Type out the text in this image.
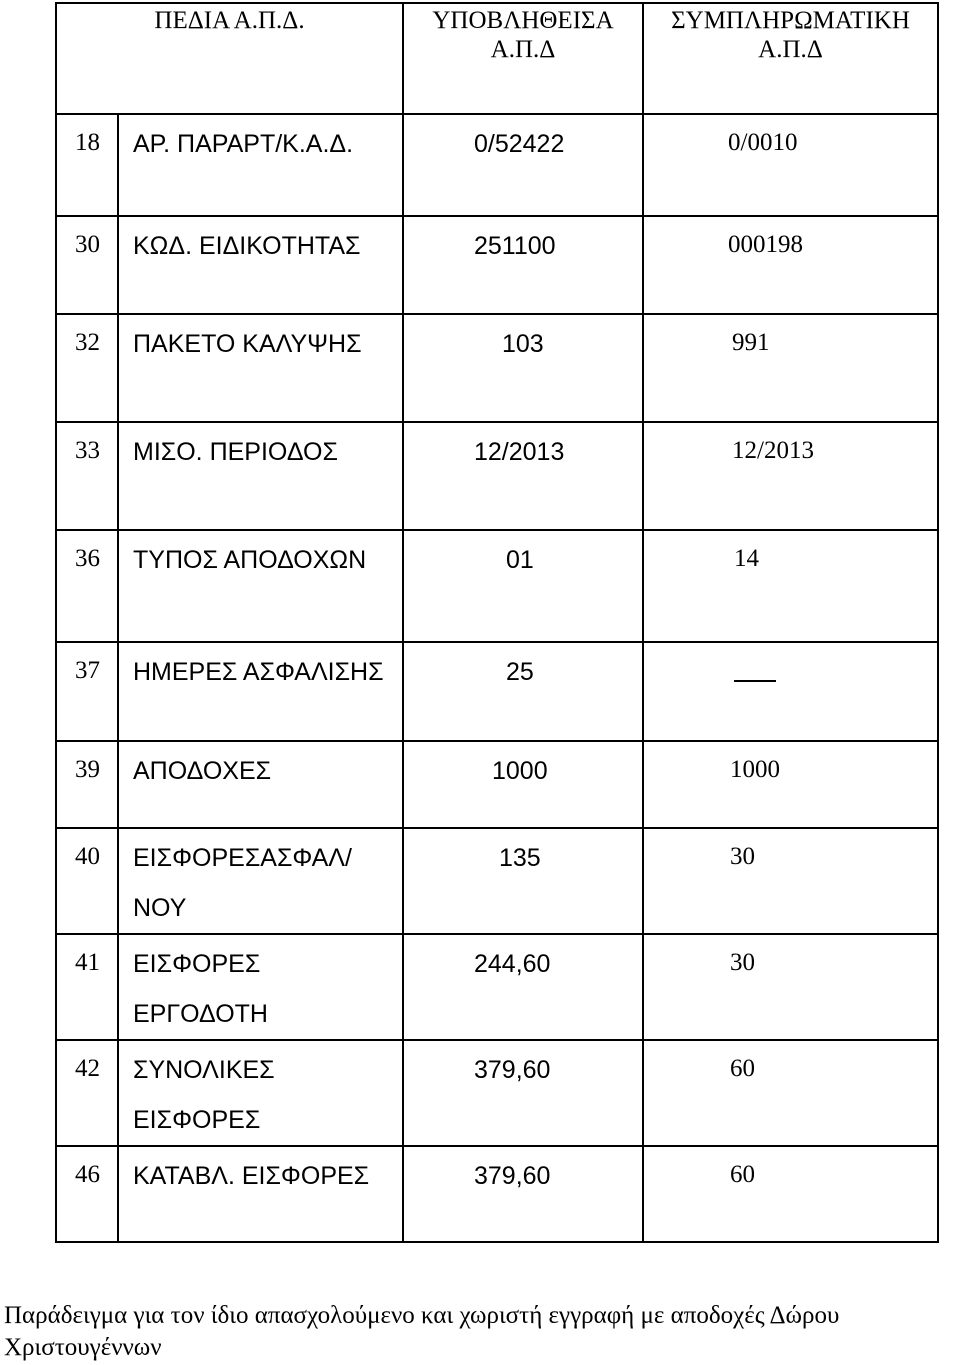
ΠΕΔΙΑ Α.Π.Δ.		ΥΠΟΒΛΗΘΕΙΣΑ Α.Π.Δ	ΣΥΜΠΛΗΡΩΜΑΤΙΚΗ Α.Π.Δ
18	ΑΡ. ΠΑΡΑΡΤ/Κ.Α.Δ.	0/52422	0/0010
30	ΚΩΔ. ΕΙΔΙΚΟΤΗΤΑΣ	251100	000198
32	ΠΑΚΕΤΟ ΚΑΛΥΨΗΣ	103	991
33	ΜΙΣΟ. ΠΕΡΙΟΔΟΣ	12/2013	12/2013
36	ΤΥΠΟΣ ΑΠΟΔΟΧΩΝ	01	14
37	ΗΜΕΡΕΣ ΑΣΦΑΛΙΣΗΣ	25	
39	ΑΠΟΔΟΧΕΣ	1000	1000
40	ΕΙΣΦΟΡΕΣΑΣΦΑΛ/ ΝΟΥ	135	30
41	ΕΙΣΦΟΡΕΣ ΕΡΓΟΔΟΤΗ	244,60	30
42	ΣΥΝΟΛΙΚΕΣ ΕΙΣΦΟΡΕΣ	379,60	60
46	ΚΑΤΑΒΛ. ΕΙΣΦΟΡΕΣ	379,60	60
Παράδειγμα για τον ίδιο απασχολούμενο και χωριστή εγγραφή με αποδοχές Δώρου Χριστουγέννων
